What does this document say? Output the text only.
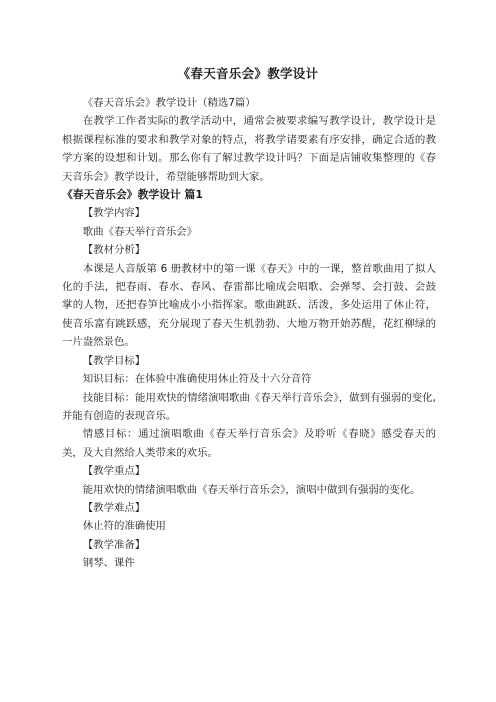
《春天音乐会》教学设计

《春天音乐会》教学设计（精选7篇）

在教学工作者实际的教学活动中，通常会被要求编写教学设计，教学设计是根据课程标准的要求和教学对象的特点，将教学诸要素有序安排，确定合适的教学方案的设想和计划。那么你有了解过教学设计吗？下面是店铺收集整理的《春天音乐会》教学设计，希望能够帮助到大家。

《春天音乐会》教学设计 篇1

【教学内容】

歌曲《春天举行音乐会》

【教材分析】

本课是人音版第 6 册教材中的第一课《春天》中的一课，整首歌曲用了拟人化的手法，把春雨、春水、春风、春雷都比喻成会唱歌、会弹琴、会打鼓、会鼓掌的人物，还把春笋比喻成小小指挥家。歌曲跳跃、活泼，多处运用了休止符，使音乐富有跳跃感，充分展现了春天生机勃勃、大地万物开始苏醒，花红柳绿的一片盎然景色。

【教学目标】

知识目标：在体验中准确使用休止符及十六分音符

技能目标：能用欢快的情绪演唱歌曲《春天举行音乐会》，做到有强弱的变化,并能有创造的表现音乐。

情感目标：通过演唱歌曲《春天举行音乐会》及聆听《春晓》感受春天的美，及大自然给人类带来的欢乐。

【教学重点】

能用欢快的情绪演唱歌曲《春天举行音乐会》，演唱中做到有强弱的变化。

【教学难点】

休止符的准确使用

【教学准备】

钢琴、课件
